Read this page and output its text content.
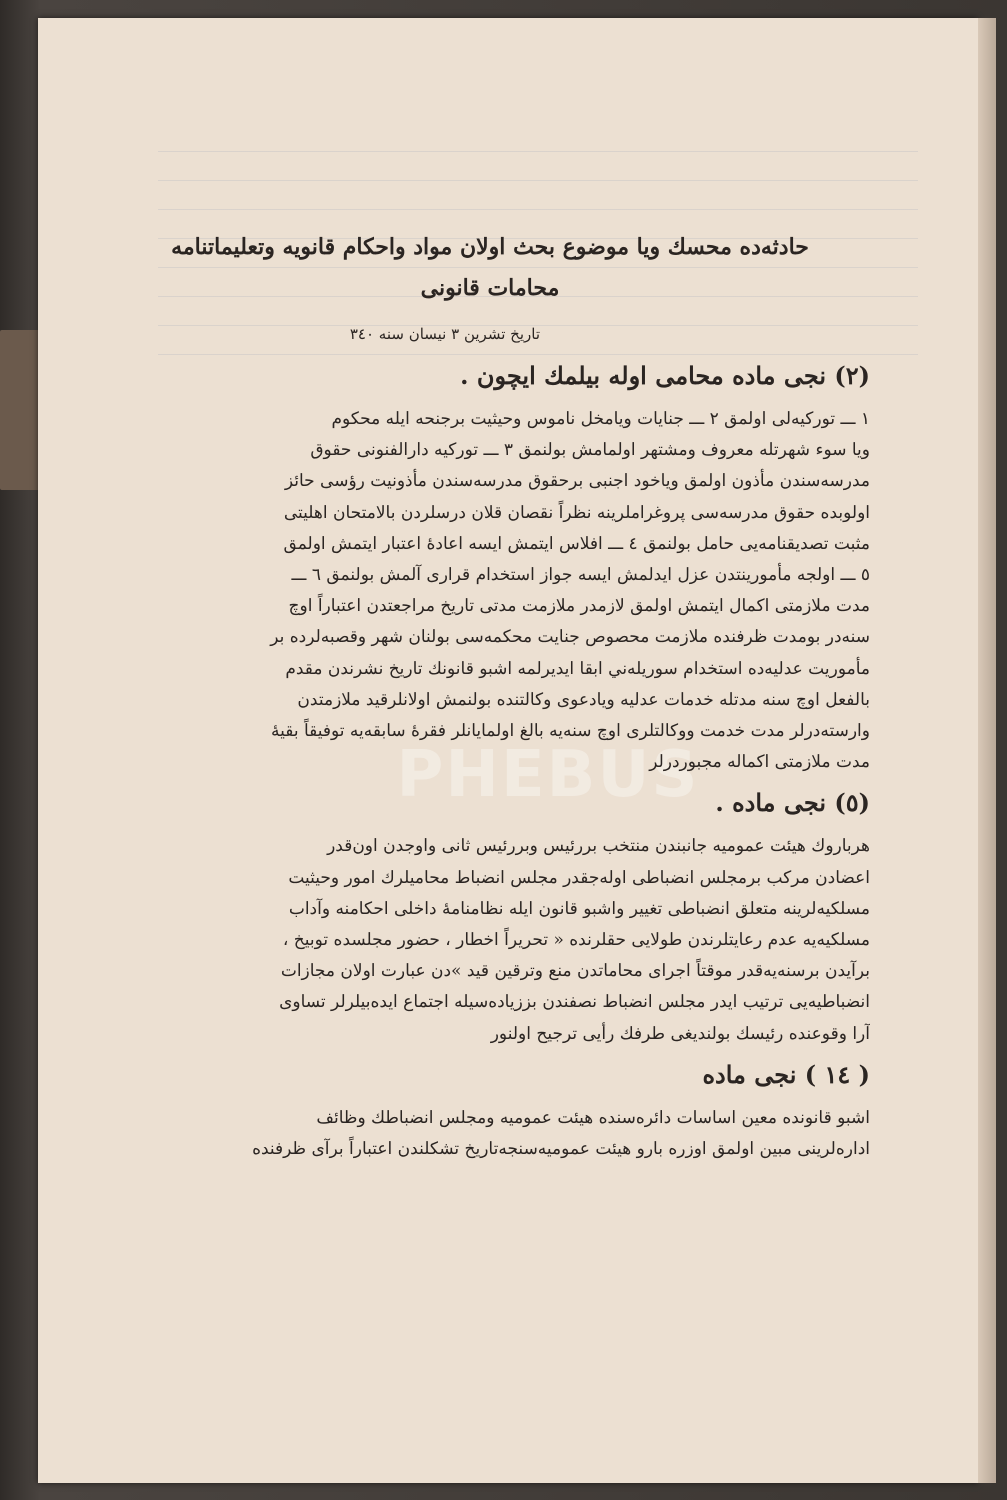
PHEBUS
حادثه‌ده محسك ويا موضوع بحث اولان مواد واحكام قانويه وتعليماتنامه
محامات قانونی
تاريخ تشرين ٣ نيسان سنه ٣٤٠
(٢) نجی ماده محامی اوله بيلمك ايچون .
١ ـــ توركيه‌لی اولمق ٢ ـــ جنايات ويامخل ناموس وحيثيت برجنحه ايله محكوم
ويا سوء شهرتله معروف ومشتهر اولمامش بولنمق ٣ ـــ توركيه دارالفنونی حقوق
مدرسه‌سندن مأذون اولمق وياخود اجنبی برحقوق مدرسه‌سندن مأذونيت رؤسی حائز
اولوبده حقوق مدرسه‌سی پروغراملرينه نظراً نقصان قلان درسلردن بالامتحان اهليتی
مثبت تصديقنامه‌يی حامل بولنمق ٤ ـــ افلاس ايتمش ايسه اعادهٔ اعتبار ايتمش اولمق
٥ ـــ اولجه مأمورينتدن عزل ايدلمش ايسه جواز استخدام قراری آلمش بولنمق ٦ ـــ
مدت ملازمتی اكمال ايتمش اولمق لازمدر ملازمت مدتی تاريخ مراجعتدن اعتباراً اوچ
سنه‌در بومدت ظرفنده ملازمت محصوص جنايت محكمه‌سی بولنان شهر وقصبه‌لرده بر
مأموريت عدليه‌ده استخدام سوريله‌ني ابقا ايديرلمه اشبو قانونك تاريخ نشرندن مقدم
بالفعل اوچ سنه مدتله خدمات عدليه ويادعوی وكالتنده بولنمش اولانلرقيد ملازمتدن
وارسته‌درلر مدت خدمت ووكالتلری اوچ سنه‌يه بالغ اولمايانلر فقرهٔ سابقه‌يه توفيقاً بقيهٔ
مدت ملازمتی اكماله مجبوردرلر
(٥) نجی ماده .
هرباروك هيئت عموميه جانبندن منتخب بررئيس وبررئيس ثانی واوجدن اون‌قدر
اعضادن مركب برمجلس انضباطی اوله‌جقدر مجلس انضباط محاميلرك امور وحيثيت
مسلكيه‌لرينه متعلق انضباطی تغيير واشبو قانون ايله نظامنامهٔ داخلی احكامنه وآداب
مسلكيه‌يه عدم رعايتلرندن طولايی حقلرنده « تحريراً اخطار ، حضور مجلسده توبيخ ،
برآيدن برسنه‌يه‌قدر موقتاً اجرای محاماتدن منع وترقين قيد »دن عبارت اولان مجازات
انضباطيه‌يی ترتيب ايدر مجلس انضباط نصفندن بززياده‌سيله اجتماع ايده‌بيلرلر تساوی
آرا وقوعنده رئيسك بولنديغی طرفك رأيی ترجيح اولنور
( ١٤ ) نجی ماده
اشبو قانونده معين اساسات دائره‌سنده هيئت عموميه ومجلس انضباطك وظائف
اداره‌لرينی مبين اولمق اوزره بارو هيئت عموميه‌سنجه‌تاريخ تشكلندن اعتباراً برآی ظرفنده
